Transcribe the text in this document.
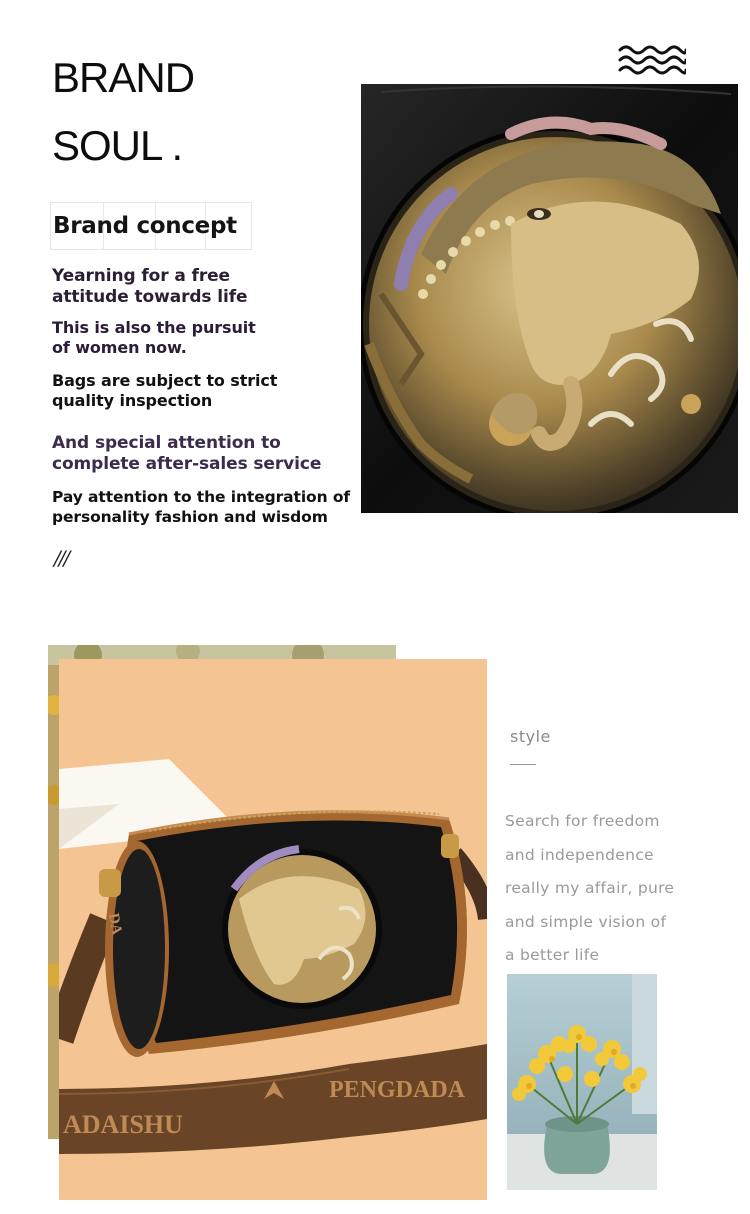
BRAND
SOUL .
Brand concept
Yearning for a free
attitude towards life
This is also the pursuit
of women now.
Bags are subject to strict
quality inspection
And special attention to
complete after-sales service
Pay attention to the integration of
personality fashion and wisdom
///
ADAISHU
PENGDADA
DA
style
Search for freedom
and independence
really my affair, pure
and simple vision of
a better life
